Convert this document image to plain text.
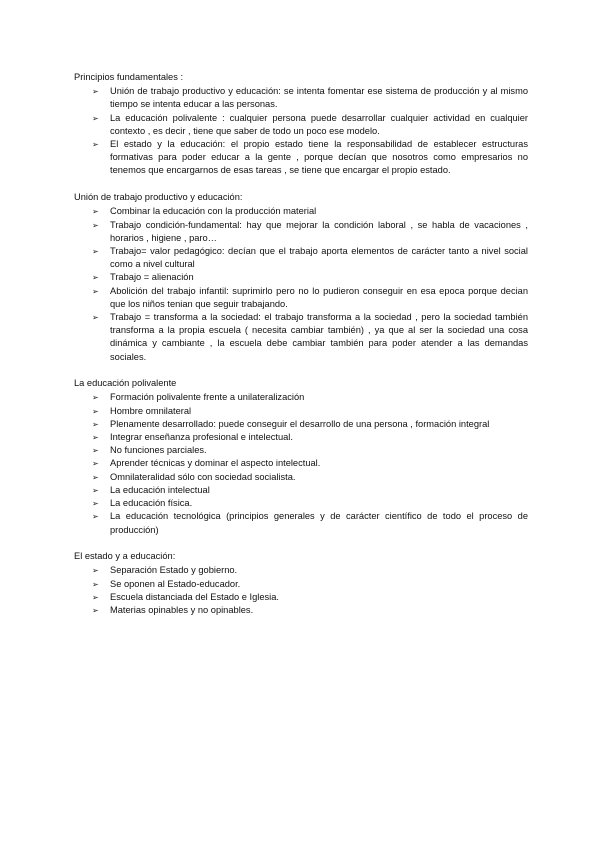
Principios fundamentales :
➢ Unión de trabajo productivo y educación: se intenta fomentar ese sistema de producción y al mismo tiempo se intenta educar a las personas.
➢ La educación polivalente : cualquier persona puede desarrollar cualquier actividad en cualquier contexto , es decir , tiene que saber de todo un poco ese modelo.
➢ El estado y la educación: el propio estado tiene la responsabilidad de establecer estructuras formativas para poder educar a la gente , porque decían que nosotros como empresarios no tenemos que encargarnos de esas tareas , se tiene que encargar el propio estado.
Unión de trabajo productivo y educación:
➢ Combinar la educación con la producción material
➢ Trabajo condición-fundamental: hay que mejorar la condición laboral , se habla de vacaciones , horarios , higiene , paro…
➢ Trabajo= valor pedagógico: decían que el trabajo aporta elementos de carácter tanto a nivel social como a nivel cultural
➢ Trabajo = alienación
➢ Abolición del trabajo infantil: suprimirlo pero no lo pudieron conseguir en esa epoca porque decian que los niños tenian que seguir trabajando.
➢ Trabajo = transforma a la sociedad: el trabajo transforma a la sociedad , pero la sociedad también transforma a la propia escuela ( necesita cambiar también) , ya que al ser la sociedad una cosa dinámica y cambiante , la escuela debe cambiar también para poder atender a las demandas sociales.
La educación polivalente
➢ Formación polivalente frente a unilateralización
➢ Hombre omnilateral
➢ Plenamente desarrollado: puede conseguir el desarrollo de una persona , formación integral
➢ Integrar enseñanza profesional e intelectual.
➢ No funciones parciales.
➢ Aprender técnicas y dominar el aspecto intelectual.
➢ Omnilateralidad sólo con sociedad socialista.
➢ La educación intelectual
➢ La educación física.
➢ La educación tecnológica (principios generales y de carácter científico de todo el proceso de producción)
El estado y a educación:
➢ Separación Estado y gobierno.
➢ Se oponen al Estado-educador.
➢ Escuela distanciada del Estado e Iglesia.
➢ Materias opinables y no opinables.
